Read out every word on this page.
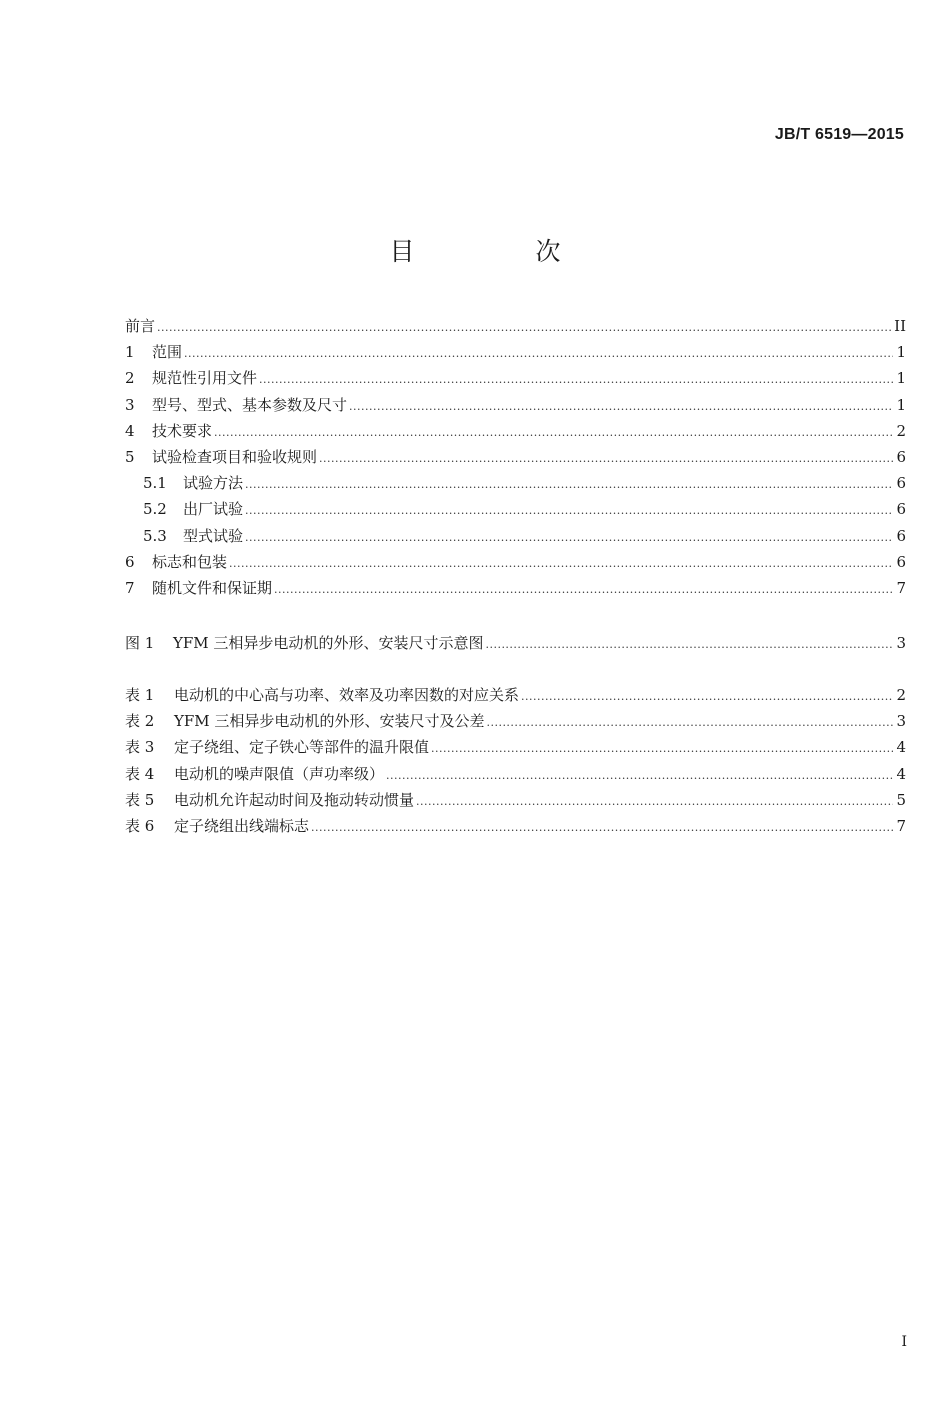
JB/T 6519—2015
目　次
前言 .....	II
1	范围 .....	1
2	规范性引用文件 .....	1
3	型号、型式、基本参数及尺寸 .....	1
4	技术要求 .....	2
5	试验检查项目和验收规则 .....	6
5.1	试验方法 .....	6
5.2	出厂试验 .....	6
5.3	型式试验 .....	6
6	标志和包装 .....	6
7	随机文件和保证期 .....	7
图 1	YFM 三相异步电动机的外形、安装尺寸示意图 .....	3
表 1	电动机的中心高与功率、效率及功率因数的对应关系 .....	2
表 2	YFM 三相异步电动机的外形、安装尺寸及公差 .....	3
表 3	定子绕组、定子铁心等部件的温升限值 .....	4
表 4	电动机的噪声限值（声功率级） .....	4
表 5	电动机允许起动时间及拖动转动惯量 .....	5
表 6	定子绕组出线端标志 .....	7
I
